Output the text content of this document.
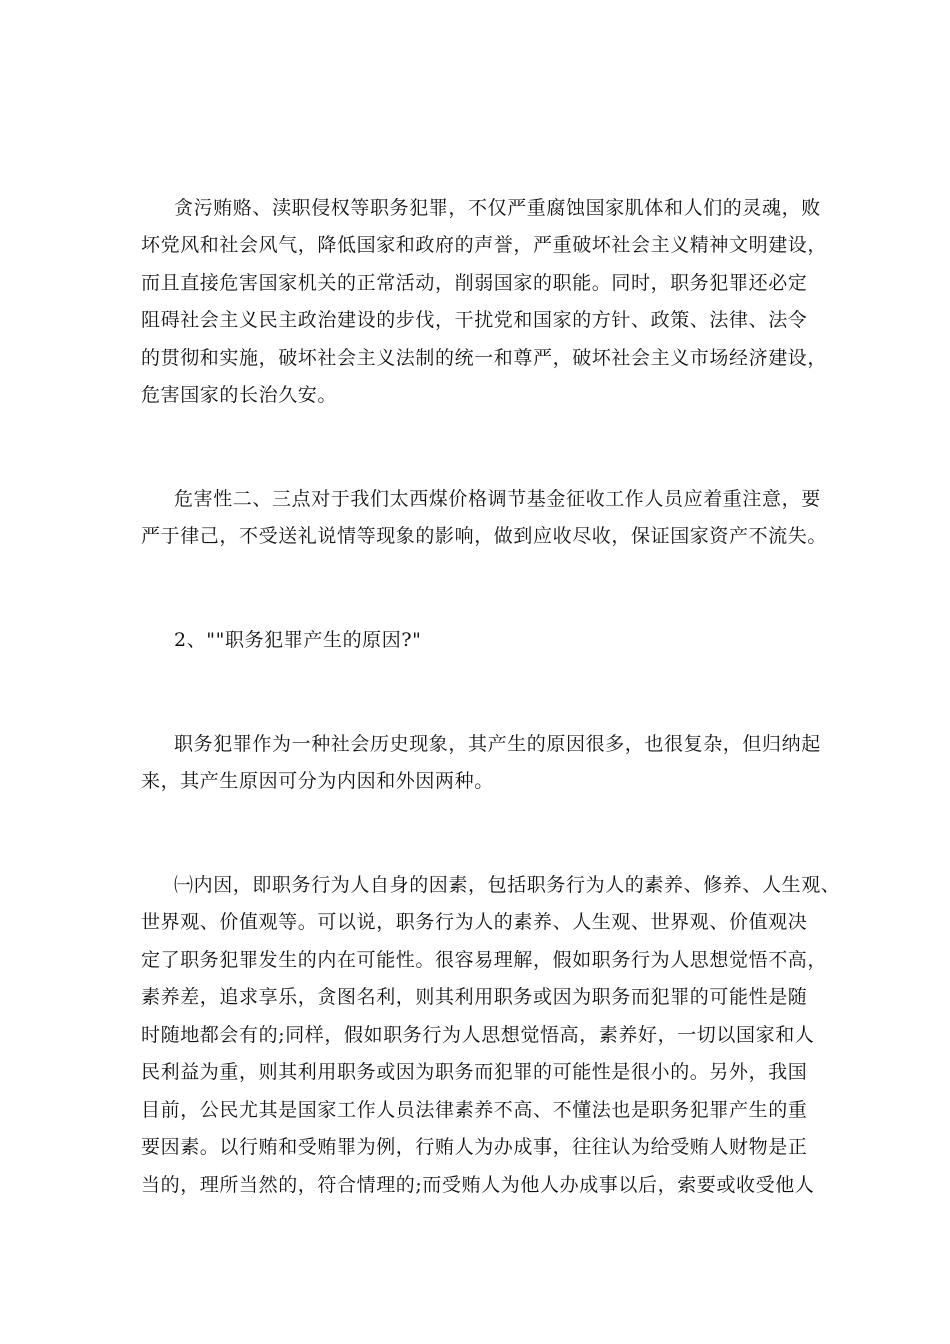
贪污贿赂、渎职侵权等职务犯罪，不仅严重腐蚀国家肌体和人们的灵魂，败
坏党风和社会风气，降低国家和政府的声誉，严重破坏社会主义精神文明建设，
而且直接危害国家机关的正常活动，削弱国家的职能。同时，职务犯罪还必定
阻碍社会主义民主政治建设的步伐，干扰党和国家的方针、政策、法律、法令
的贯彻和实施，破坏社会主义法制的统一和尊严，破坏社会主义市场经济建设，
危害国家的长治久安。
危害性二、三点对于我们太西煤价格调节基金征收工作人员应着重注意，要
严于律己，不受送礼说情等现象的影响，做到应收尽收，保证国家资产不流失。
2、""职务犯罪产生的原因?"
职务犯罪作为一种社会历史现象，其产生的原因很多，也很复杂，但归纳起
来，其产生原因可分为内因和外因两种。
㈠内因，即职务行为人自身的因素，包括职务行为人的素养、修养、人生观、
世界观、价值观等。可以说，职务行为人的素养、人生观、世界观、价值观决
定了职务犯罪发生的内在可能性。很容易理解，假如职务行为人思想觉悟不高，
素养差，追求享乐，贪图名利，则其利用职务或因为职务而犯罪的可能性是随
时随地都会有的;同样，假如职务行为人思想觉悟高，素养好，一切以国家和人
民利益为重，则其利用职务或因为职务而犯罪的可能性是很小的。另外，我国
目前，公民尤其是国家工作人员法律素养不高、不懂法也是职务犯罪产生的重
要因素。以行贿和受贿罪为例，行贿人为办成事，往往认为给受贿人财物是正
当的，理所当然的，符合情理的;而受贿人为他人办成事以后，索要或收受他人
